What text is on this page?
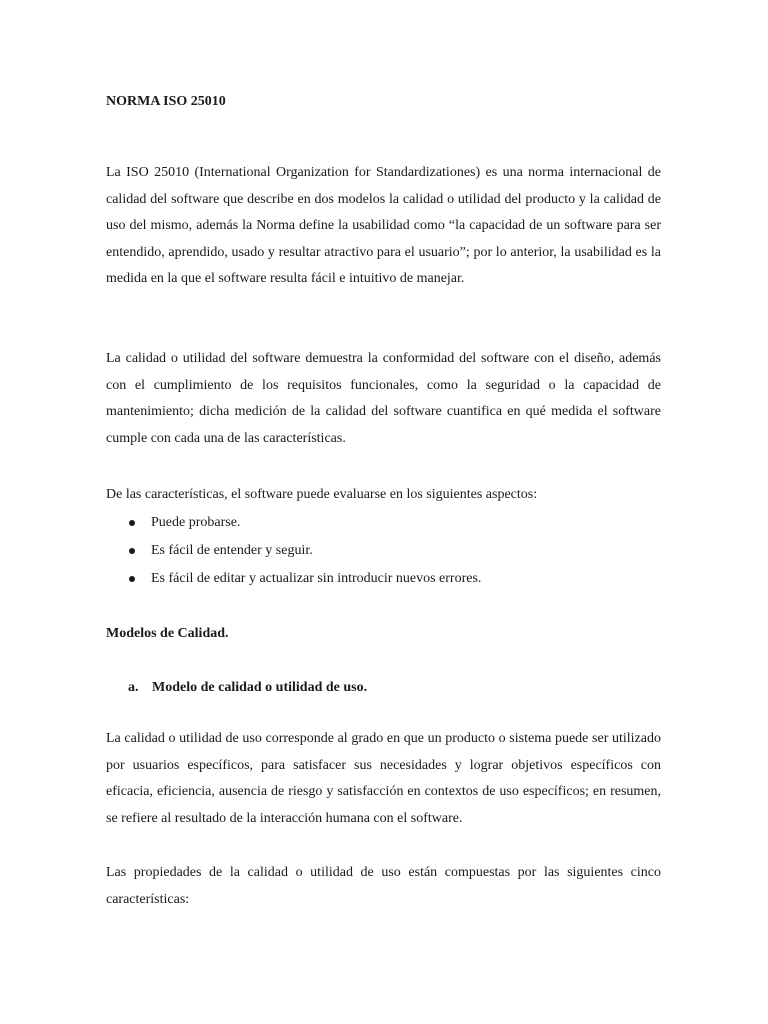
NORMA ISO 25010

La ISO 25010 (International Organization for Standardizationes) es una norma internacional de calidad del software que describe en dos modelos la calidad o utilidad del producto y la calidad de uso del mismo, además la Norma define la usabilidad como “la capacidad de un software para ser entendido, aprendido, usado y resultar atractivo para el usuario”; por lo anterior, la usabilidad es la medida en la que el software resulta fácil e intuitivo de manejar.

La calidad o utilidad del software demuestra la conformidad del software con el diseño, además con el cumplimiento de los requisitos funcionales, como la seguridad o la capacidad de mantenimiento; dicha medición de la calidad del software cuantifica en qué medida el software cumple con cada una de las características.

De las características, el software puede evaluarse en los siguientes aspectos:

Puede probarse.
Es fácil de entender y seguir.
Es fácil de editar y actualizar sin introducir nuevos errores.
Modelos de Calidad.
a. Modelo de calidad o utilidad de uso.

La calidad o utilidad de uso corresponde al grado en que un producto o sistema puede ser utilizado por usuarios específicos, para satisfacer sus necesidades y lograr objetivos específicos con eficacia, eficiencia, ausencia de riesgo y satisfacción en contextos de uso específicos; en resumen, se refiere al resultado de la interacción humana con el software.

Las propiedades de la calidad o utilidad de uso están compuestas por las siguientes cinco características:
